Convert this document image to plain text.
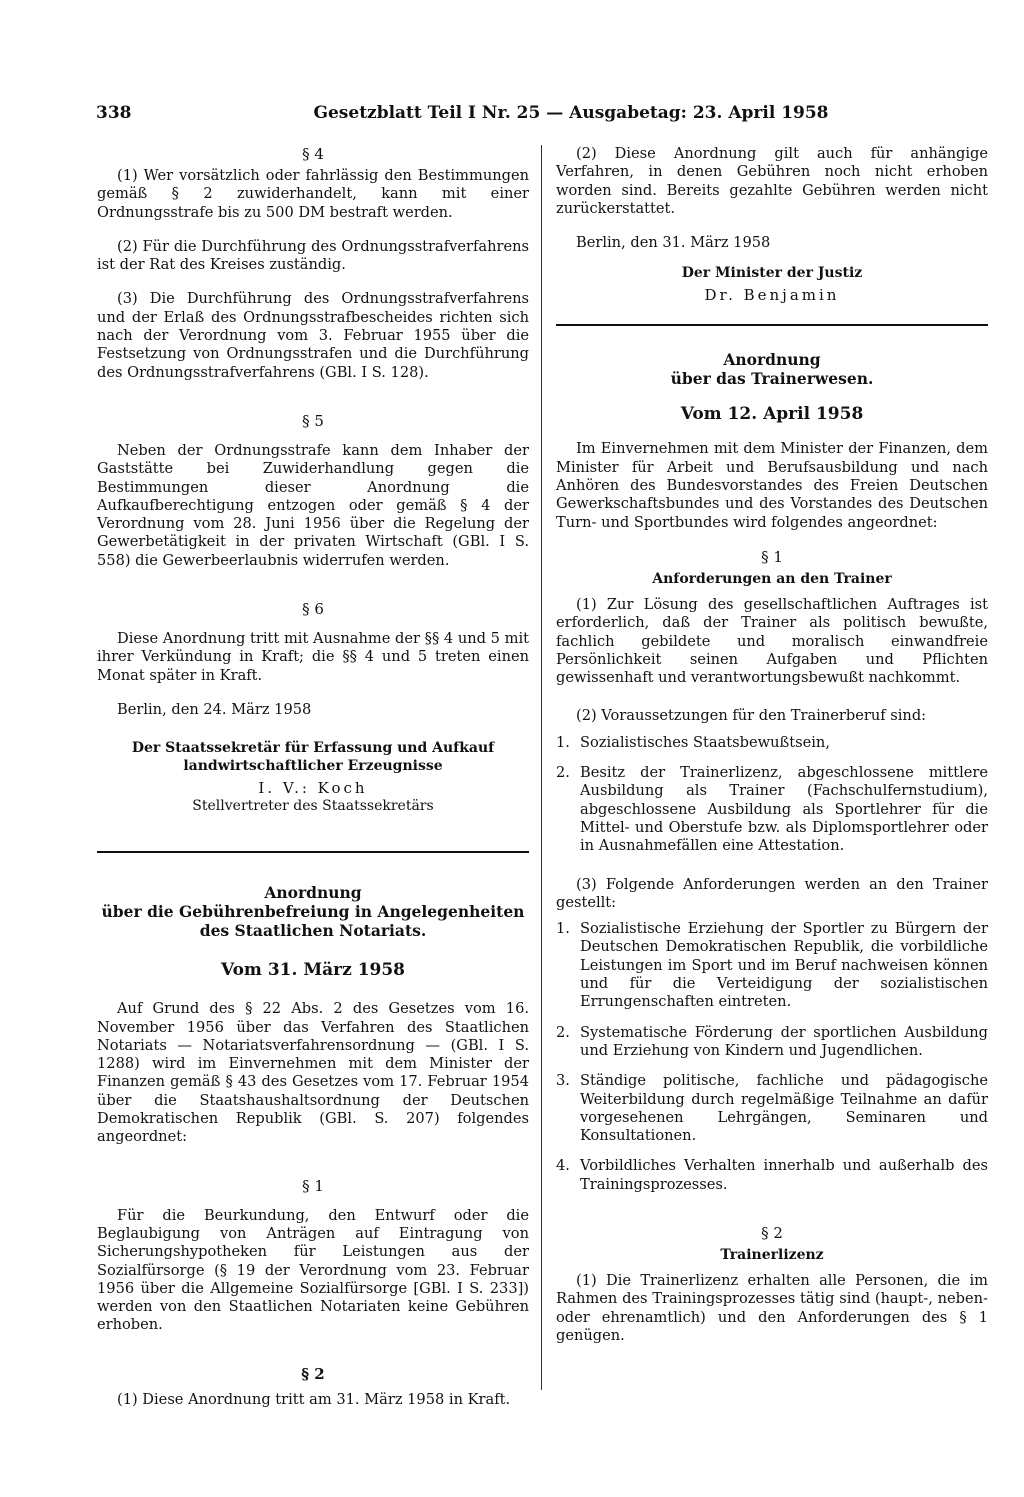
338	Gesetzblatt Teil I Nr. 25 — Ausgabetag: 23. April 1958
§ 4

(1) Wer vorsätzlich oder fahrlässig den Bestimmungen gemäß § 2 zuwiderhandelt, kann mit einer Ordnungsstrafe bis zu 500 DM bestraft werden.

(2) Für die Durchführung des Ordnungsstrafverfahrens ist der Rat des Kreises zuständig.

(3) Die Durchführung des Ordnungsstrafverfahrens und der Erlaß des Ordnungsstrafbescheides richten sich nach der Verordnung vom 3. Februar 1955 über die Festsetzung von Ordnungsstrafen und die Durchführung des Ordnungsstrafverfahrens (GBl. I S. 128).

§ 5

Neben der Ordnungsstrafe kann dem Inhaber der Gaststätte bei Zuwiderhandlung gegen die Bestimmungen dieser Anordnung die Aufkaufberechtigung entzogen oder gemäß § 4 der Verordnung vom 28. Juni 1956 über die Regelung der Gewerbetätigkeit in der privaten Wirtschaft (GBl. I S. 558) die Gewerbeerlaubnis widerrufen werden.

§ 6

Diese Anordnung tritt mit Ausnahme der §§ 4 und 5 mit ihrer Verkündung in Kraft; die §§ 4 und 5 treten einen Monat später in Kraft.

Berlin, den 24. März 1958

Der Staatssekretär für Erfassung und Aufkauf
landwirtschaftlicher Erzeugnisse
I. V.: Koch
Stellvertreter des Staatssekretärs
Anordnung
über die Gebührenbefreiung in Angelegenheiten
des Staatlichen Notariats.
Vom 31. März 1958

Auf Grund des § 22 Abs. 2 des Gesetzes vom 16. November 1956 über das Verfahren des Staatlichen Notariats — Notariatsverfahrensordnung — (GBl. I S. 1288) wird im Einvernehmen mit dem Minister der Finanzen gemäß § 43 des Gesetzes vom 17. Februar 1954 über die Staatshaushaltsordnung der Deutschen Demokratischen Republik (GBl. S. 207) folgendes angeordnet:

§ 1

Für die Beurkundung, den Entwurf oder die Beglaubigung von Anträgen auf Eintragung von Sicherungshypotheken für Leistungen aus der Sozialfürsorge (§ 19 der Verordnung vom 23. Februar 1956 über die Allgemeine Sozialfürsorge [GBl. I S. 233]) werden von den Staatlichen Notariaten keine Gebühren erhoben.

§ 2

(1) Diese Anordnung tritt am 31. März 1958 in Kraft.

(2) Diese Anordnung gilt auch für anhängige Verfahren, in denen Gebühren noch nicht erhoben worden sind. Bereits gezahlte Gebühren werden nicht zurückerstattet.

Berlin, den 31. März 1958

Der Minister der Justiz
Dr. Benjamin
Anordnung
über das Trainerwesen.
Vom 12. April 1958

Im Einvernehmen mit dem Minister der Finanzen, dem Minister für Arbeit und Berufsausbildung und nach Anhören des Bundesvorstandes des Freien Deutschen Gewerkschaftsbundes und des Vorstandes des Deutschen Turn- und Sportbundes wird folgendes angeordnet:

§ 1
Anforderungen an den Trainer

(1) Zur Lösung des gesellschaftlichen Auftrages ist erforderlich, daß der Trainer als politisch bewußte, fachlich gebildete und moralisch einwandfreie Persönlichkeit seinen Aufgaben und Pflichten gewissenhaft und verantwortungsbewußt nachkommt.

(2) Voraussetzungen für den Trainerberuf sind:

1. Sozialistisches Staatsbewußtsein,
2. Besitz der Trainerlizenz, abgeschlossene mittlere Ausbildung als Trainer (Fachschulfernstudium), abgeschlossene Ausbildung als Sportlehrer für die Mittel- und Oberstufe bzw. als Diplomsportlehrer oder in Ausnahmefällen eine Attestation.

(3) Folgende Anforderungen werden an den Trainer gestellt:

1. Sozialistische Erziehung der Sportler zu Bürgern der Deutschen Demokratischen Republik, die vorbildliche Leistungen im Sport und im Beruf nachweisen können und für die Verteidigung der sozialistischen Errungenschaften eintreten.
2. Systematische Förderung der sportlichen Ausbildung und Erziehung von Kindern und Jugendlichen.
3. Ständige politische, fachliche und pädagogische Weiterbildung durch regelmäßige Teilnahme an dafür vorgesehenen Lehrgängen, Seminaren und Konsultationen.
4. Vorbildliches Verhalten innerhalb und außerhalb des Trainingsprozesses.
§ 2
Trainerlizenz

(1) Die Trainerlizenz erhalten alle Personen, die im Rahmen des Trainingsprozesses tätig sind (haupt-, neben- oder ehrenamtlich) und den Anforderungen des § 1 genügen.
